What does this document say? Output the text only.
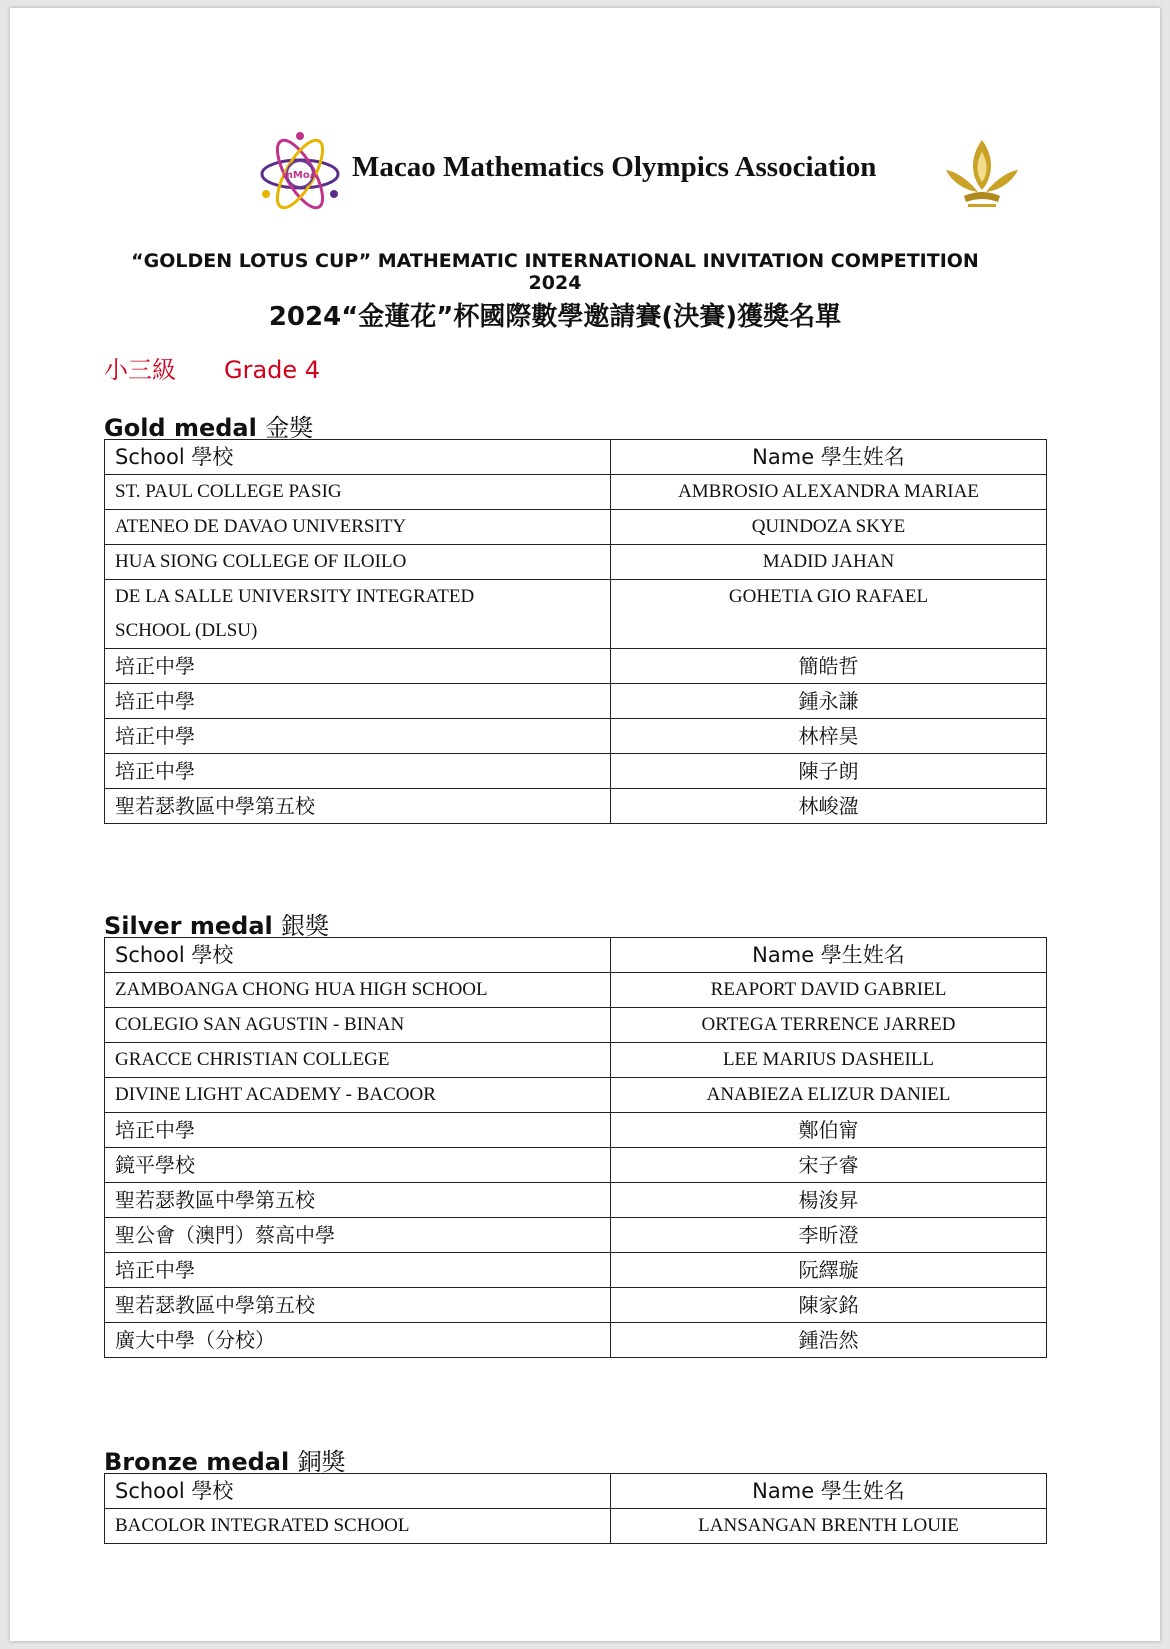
mMoA Macao Mathematics Olympics Association
“GOLDEN LOTUS CUP” MATHEMATIC INTERNATIONAL INVITATION COMPETITION
2024
2024“金蓮花”杯國際數學邀請賽(決賽)獲獎名單
小三級 Grade 4
Gold medal 金獎
School 學校	Name 學生姓名
ST. PAUL COLLEGE PASIG	AMBROSIO ALEXANDRA MARIAE
ATENEO DE DAVAO UNIVERSITY	QUINDOZA SKYE
HUA SIONG COLLEGE OF ILOILO	MADID JAHAN

DE LA SALLE UNIVERSITY INTEGRATED
SCHOOL (DLSU)	GOHETIA GIO RAFAEL
培正中學	簡皓哲
培正中學	鍾永謙
培正中學	林梓昊
培正中學	陳子朗
聖若瑟教區中學第五校	林峻溋
Silver medal 銀獎
School 學校	Name 學生姓名
ZAMBOANGA CHONG HUA HIGH SCHOOL	REAPORT DAVID GABRIEL
COLEGIO SAN AGUSTIN - BINAN	ORTEGA TERRENCE JARRED
GRACCE CHRISTIAN COLLEGE	LEE MARIUS DASHEILL
DIVINE LIGHT ACADEMY - BACOOR	ANABIEZA ELIZUR DANIEL
培正中學	鄭伯甯
鏡平學校	宋子睿
聖若瑟教區中學第五校	楊浚昇
聖公會（澳門）蔡高中學	李昕澄
培正中學	阮繹璇
聖若瑟教區中學第五校	陳家銘
廣大中學（分校）	鍾浩然
Bronze medal 銅獎
School 學校	Name 學生姓名
BACOLOR INTEGRATED SCHOOL	LANSANGAN BRENTH LOUIE
